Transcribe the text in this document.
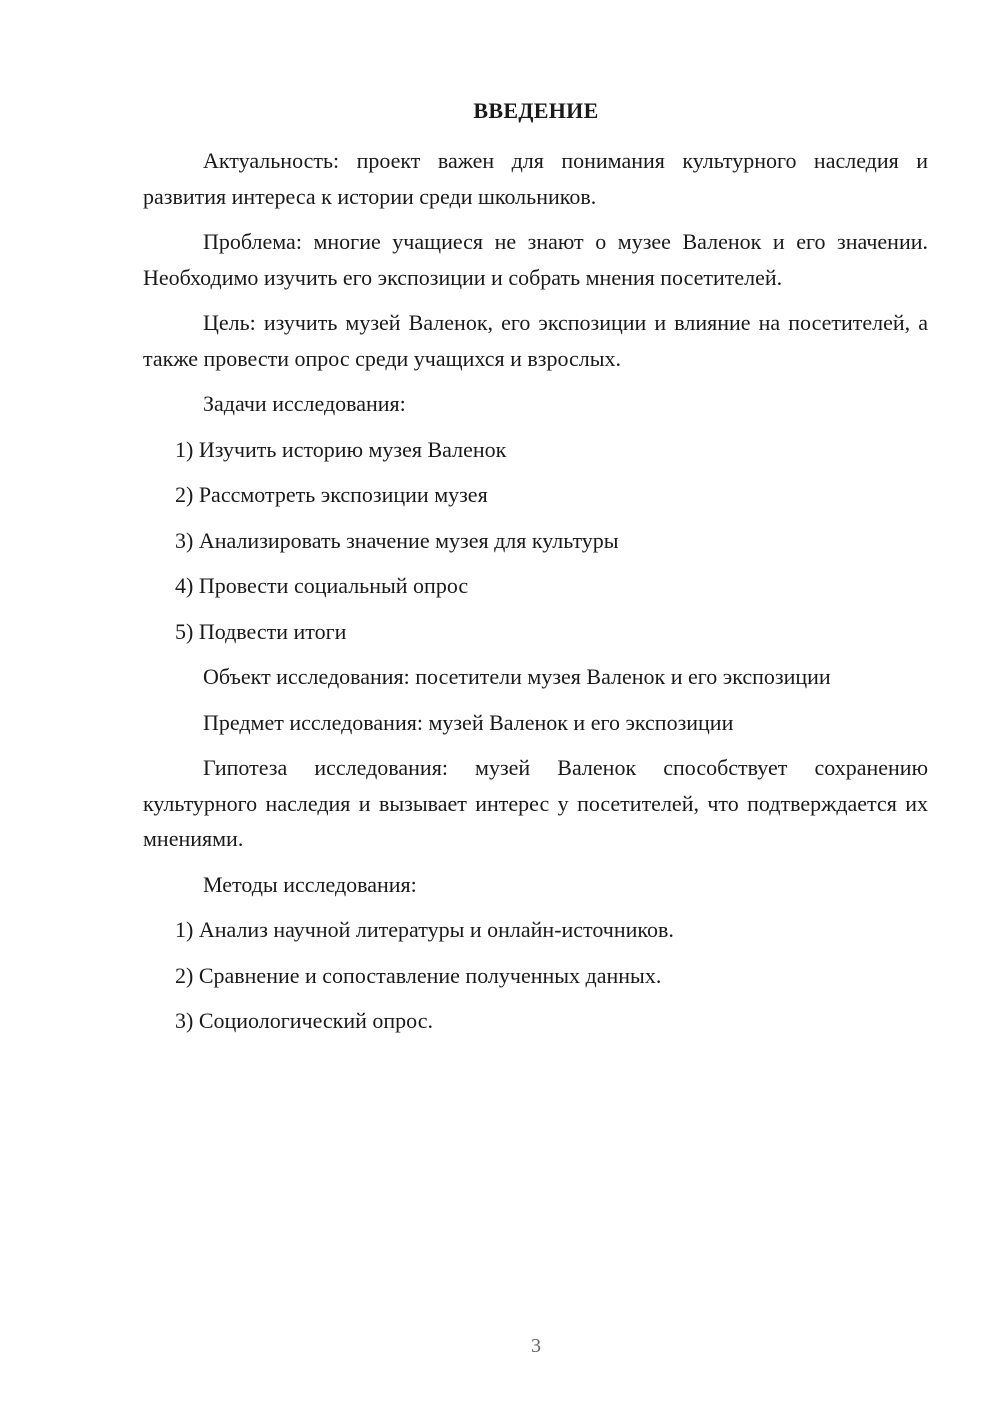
ВВЕДЕНИЕ

Актуальность: проект важен для понимания культурного наследия и развития интереса к истории среди школьников.

Проблема: многие учащиеся не знают о музее Валенок и его значении. Необходимо изучить его экспозиции и собрать мнения посетителей.

Цель: изучить музей Валенок, его экспозиции и влияние на посетителей, а также провести опрос среди учащихся и взрослых.

Задачи исследования:

1) Изучить историю музея Валенок

2) Рассмотреть экспозиции музея

3) Анализировать значение музея для культуры

4) Провести социальный опрос

5) Подвести итоги

Объект исследования: посетители музея Валенок и его экспозиции

Предмет исследования: музей Валенок и его экспозиции

Гипотеза исследования: музей Валенок способствует сохранению культурного наследия и вызывает интерес у посетителей, что подтверждается их мнениями.

Методы исследования:

1) Анализ научной литературы и онлайн-источников.

2) Сравнение и сопоставление полученных данных.

3) Социологический опрос.

3
